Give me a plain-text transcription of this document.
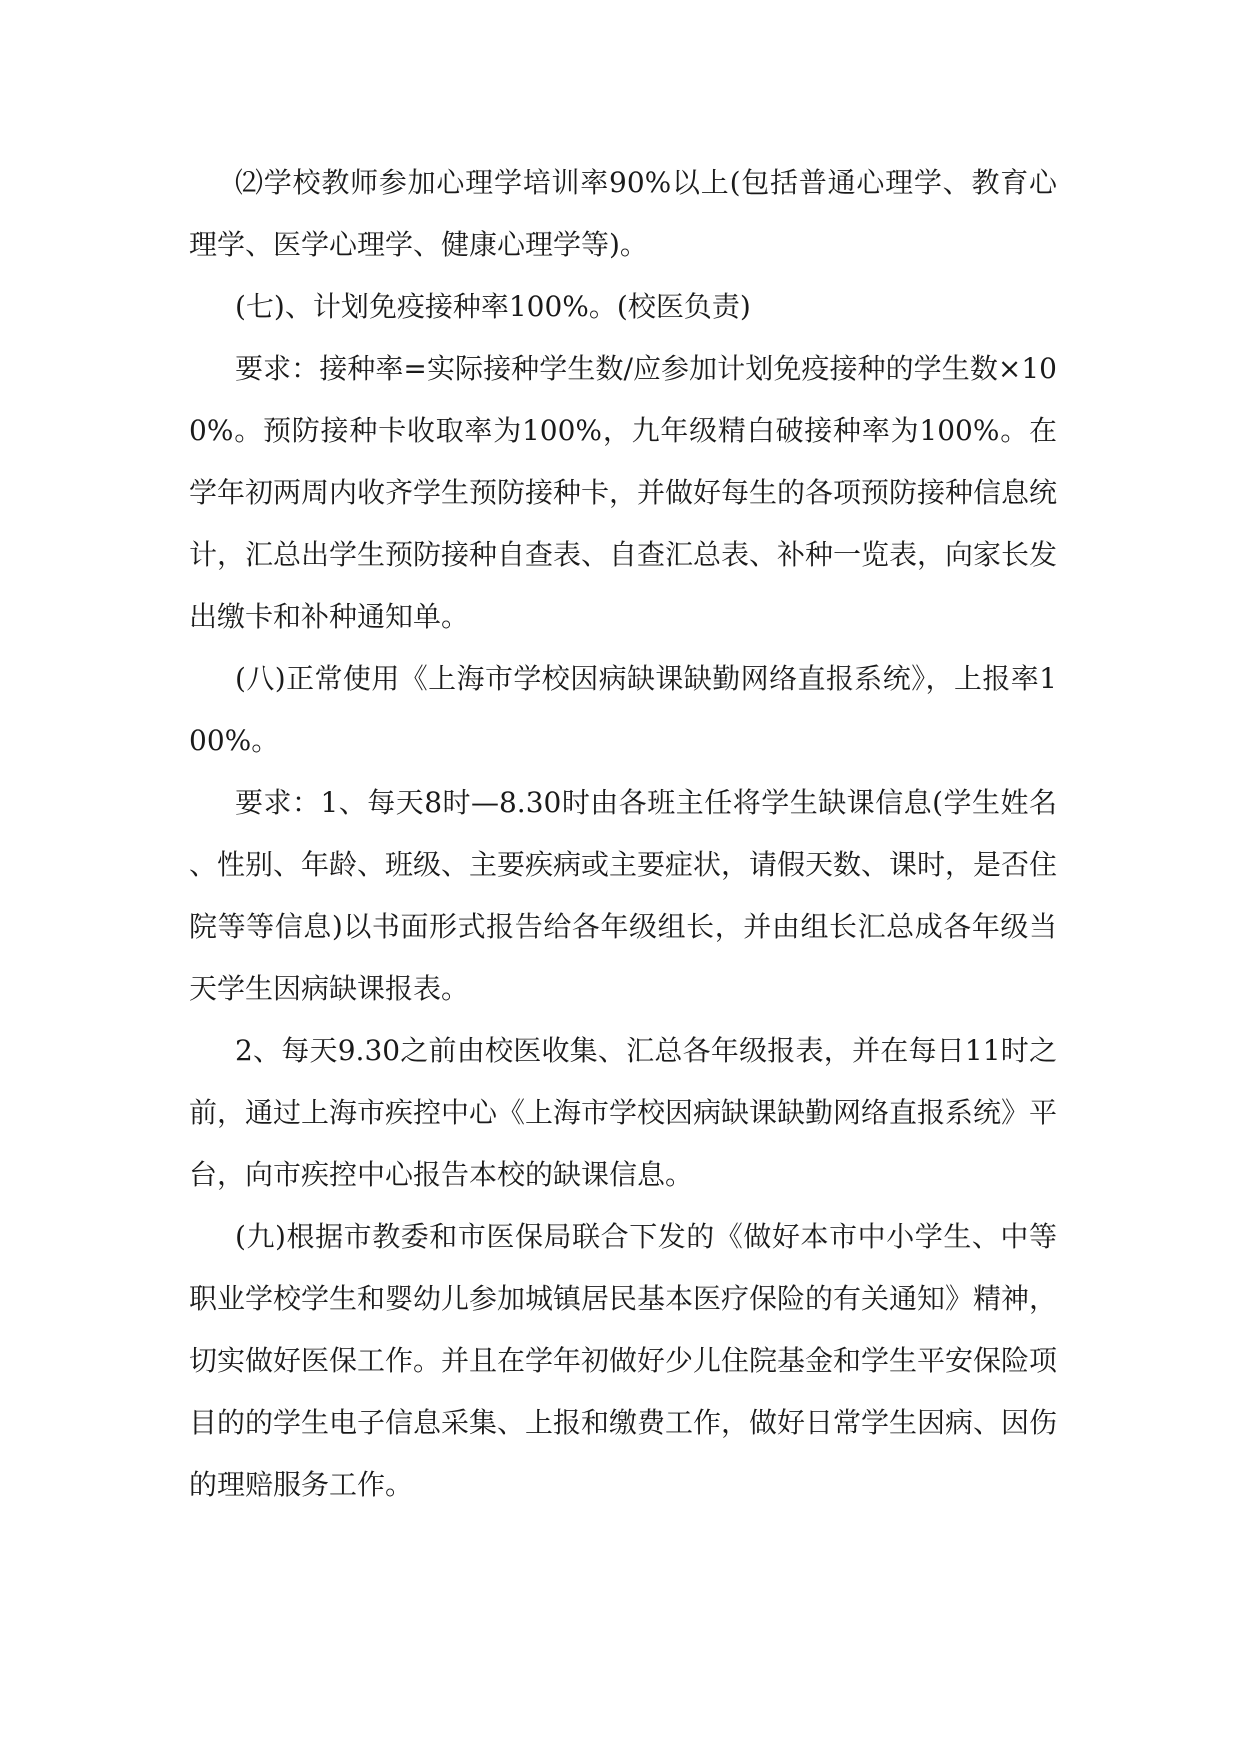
⑵学校教师参加心理学培训率90%以上(包括普通心理学、教育心理学、医学心理学、健康心理学等)。

(七)、计划免疫接种率100%。(校医负责)

要求：接种率=实际接种学生数/应参加计划免疫接种的学生数×100%。预防接种卡收取率为100%，九年级精白破接种率为100%。在学年初两周内收齐学生预防接种卡，并做好每生的各项预防接种信息统计，汇总出学生预防接种自查表、自查汇总表、补种一览表，向家长发出缴卡和补种通知单。

(八)正常使用《上海市学校因病缺课缺勤网络直报系统》，上报率100%。

要求：1、每天8时—8.30时由各班主任将学生缺课信息(学生姓名、性别、年龄、班级、主要疾病或主要症状，请假天数、课时，是否住院等等信息)以书面形式报告给各年级组长，并由组长汇总成各年级当天学生因病缺课报表。

2、每天9.30之前由校医收集、汇总各年级报表，并在每日11时之前，通过上海市疾控中心《上海市学校因病缺课缺勤网络直报系统》平台，向市疾控中心报告本校的缺课信息。

(九)根据市教委和市医保局联合下发的《做好本市中小学生、中等职业学校学生和婴幼儿参加城镇居民基本医疗保险的有关通知》精神，切实做好医保工作。并且在学年初做好少儿住院基金和学生平安保险项目的的学生电子信息采集、上报和缴费工作，做好日常学生因病、因伤的理赔服务工作。
